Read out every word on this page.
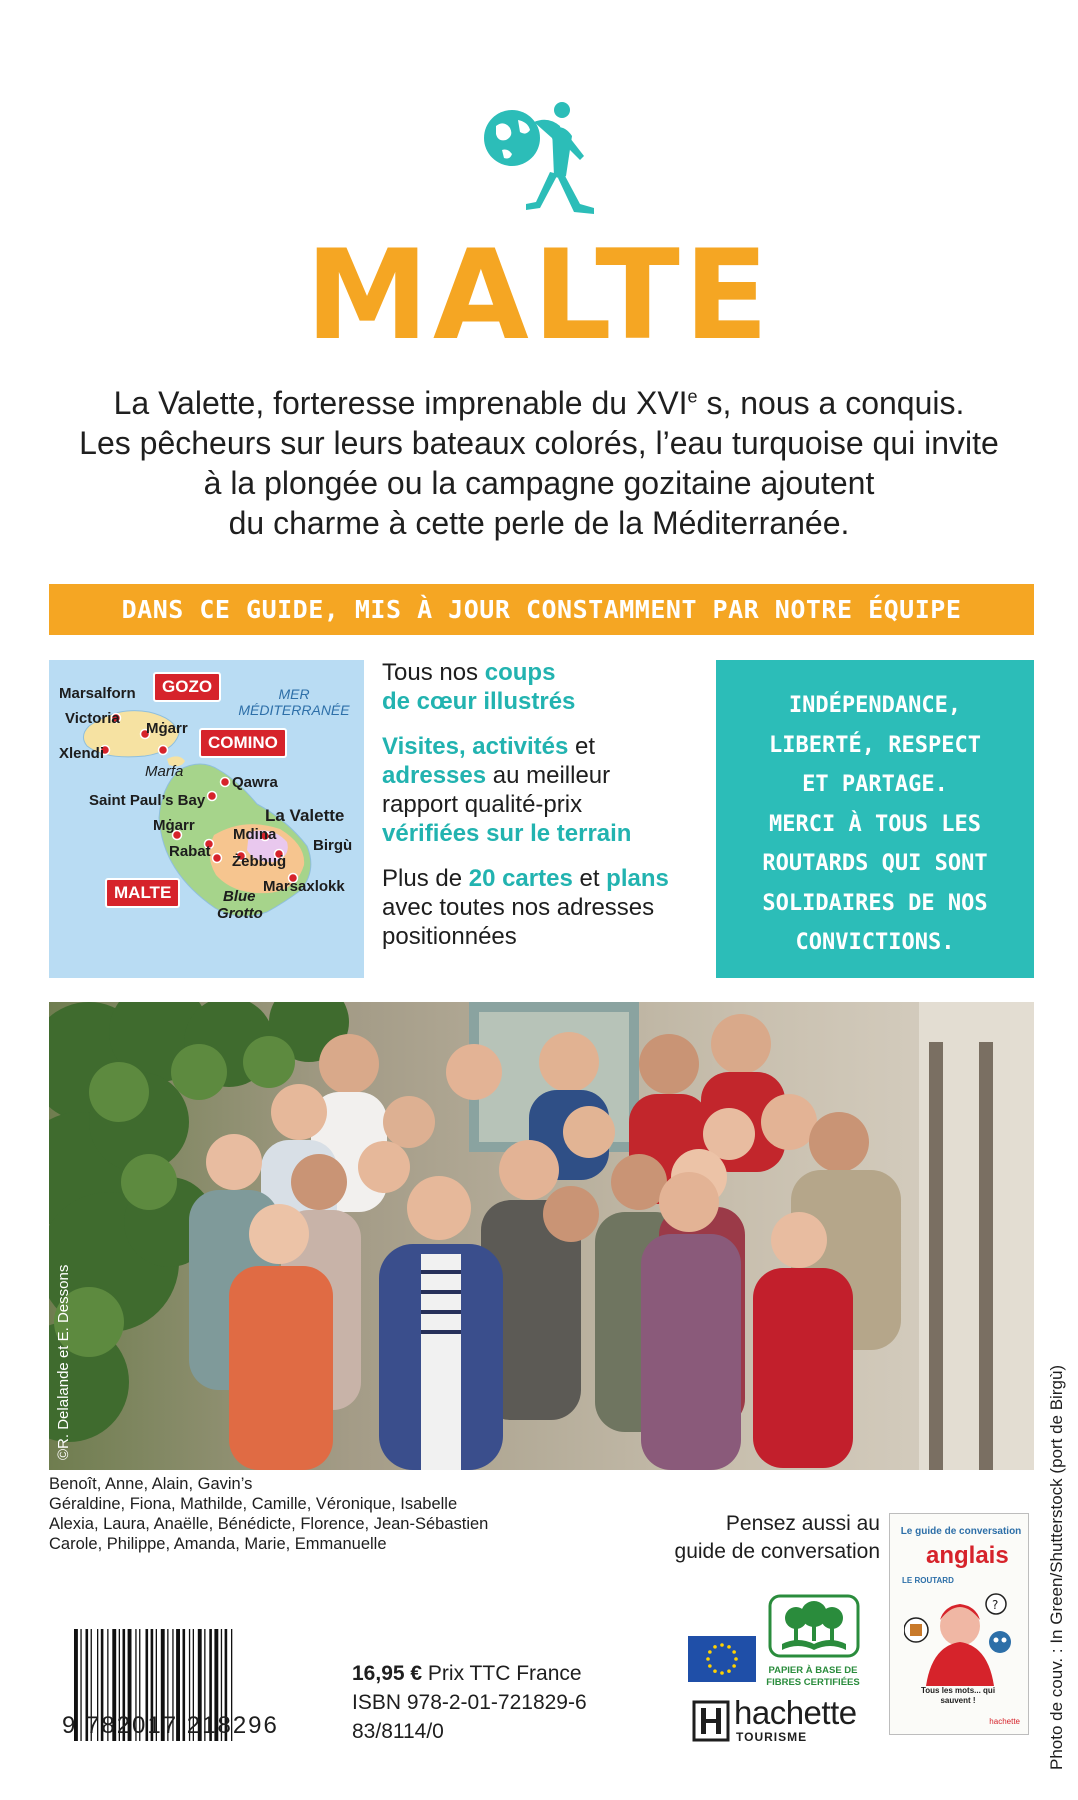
MALTE
La Valette, forteresse imprenable du XVIe s, nous a conquis.
Les pêcheurs sur leurs bateaux colorés, l’eau turquoise qui invite
à la plongée ou la campagne gozitaine ajoutent
du charme à cette perle de la Méditerranée.
DANS CE GUIDE, MIS À JOUR CONSTAMMENT PAR NOTRE ÉQUIPE
Marsalforn
Victoria
Mġarr
Xlendi
Marfa
Qawra
Saint Paul’s Bay
La Valette
Mġarr
Mdina
Birgù
Rabat
Żebbuġ
Marsaxlokk
Blue
Grotto
MER
MÉDITERRANÉE
GOZO
COMINO
MALTE

Tous nos coups
de cœur illustrés

Visites, activités et
adresses au meilleur
rapport qualité-prix
vérifiées sur le terrain

Plus de 20 cartes et plans
avec toutes nos adresses
positionnées

INDÉPENDANCE,
LIBERTÉ, RESPECT
ET PARTAGE.
MERCI À TOUS LES
ROUTARDS QUI SONT
SOLIDAIRES DE NOS
CONVICTIONS.
©R. Delalande et E. Dessons
Benoît, Anne, Alain, Gavin’s
Géraldine, Fiona, Mathilde, Camille, Véronique, Isabelle
Alexia, Laura, Anaëlle, Bénédicte, Florence, Jean-Sébastien
Carole, Philippe, Amanda, Marie, Emmanuelle
Pensez aussi au
guide de conversation
Le guide de conversation
anglais
LE ROUTARD
?
Tous les mots... qui sauvent !
hachette
9 782017 218296
16,95 € Prix TTC France
ISBN 978-2-01-721829-6
83/8114/0
PAPIER À BASE DE
FIBRES CERTIFIÉES
hachette
TOURISME	Photo de couv. : In Green/Shutterstock (port de Birgù)
